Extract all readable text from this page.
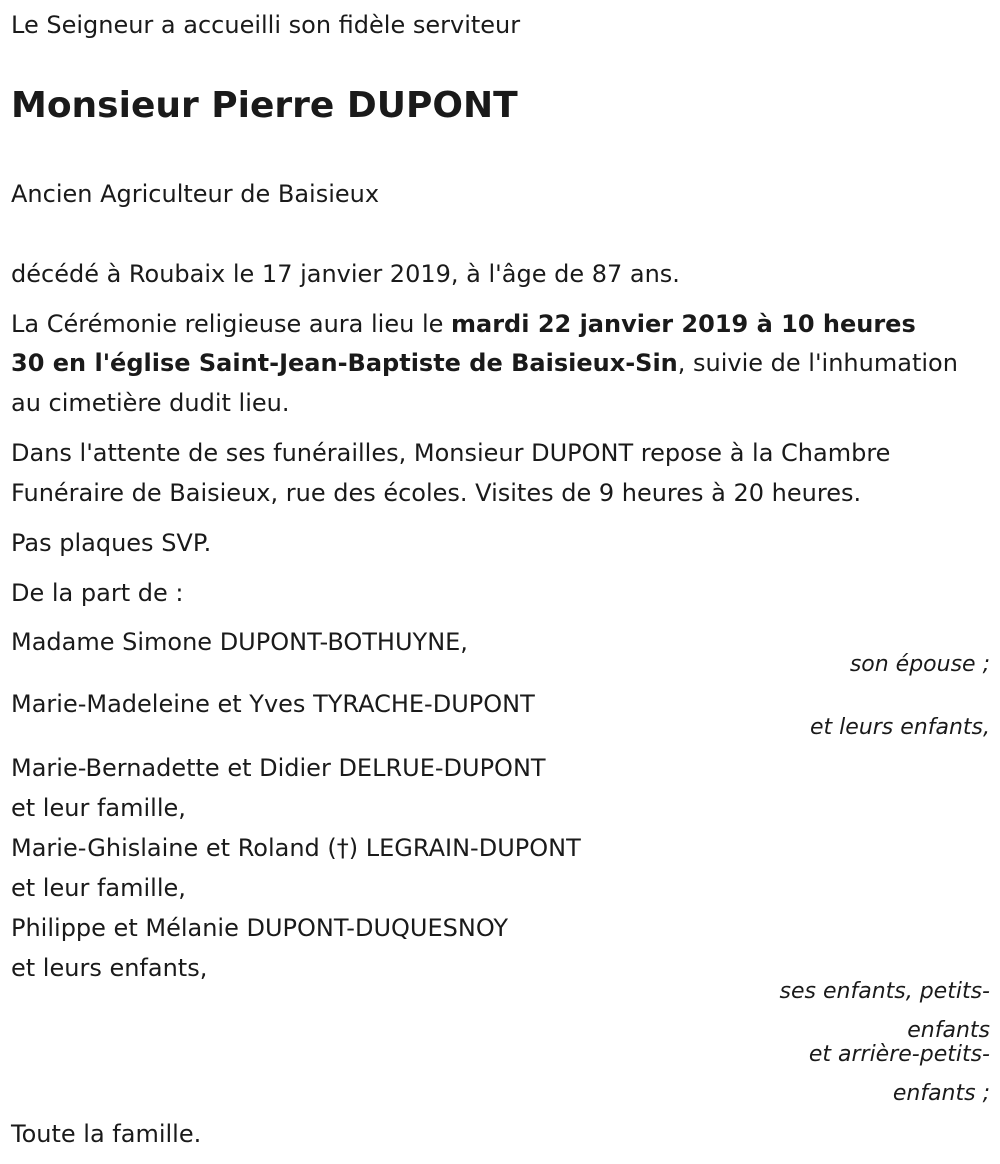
Le Seigneur a accueilli son fidèle serviteur
Monsieur Pierre DUPONT
Ancien Agriculteur de Baisieux
décédé à Roubaix le 17 janvier 2019, à l'âge de 87 ans.
La Cérémonie religieuse aura lieu le mardi 22 janvier 2019 à 10 heures
30 en l'église Saint-Jean-Baptiste de Baisieux-Sin, suivie de l'inhumation
au cimetière dudit lieu.
Dans l'attente de ses funérailles, Monsieur DUPONT repose à la Chambre
Funéraire de Baisieux, rue des écoles. Visites de 9 heures à 20 heures.
Pas plaques SVP.
De la part de :
Madame Simone DUPONT-BOTHUYNE,
son épouse ;
Marie-Madeleine et Yves TYRACHE-DUPONT
et leurs enfants,
Marie-Bernadette et Didier DELRUE-DUPONT
et leur famille,
Marie-Ghislaine et Roland (†) LEGRAIN-DUPONT
et leur famille,
Philippe et Mélanie DUPONT-DUQUESNOY
et leurs enfants,
ses enfants, petits-
enfants
et arrière-petits-
enfants ;
Toute la famille.
